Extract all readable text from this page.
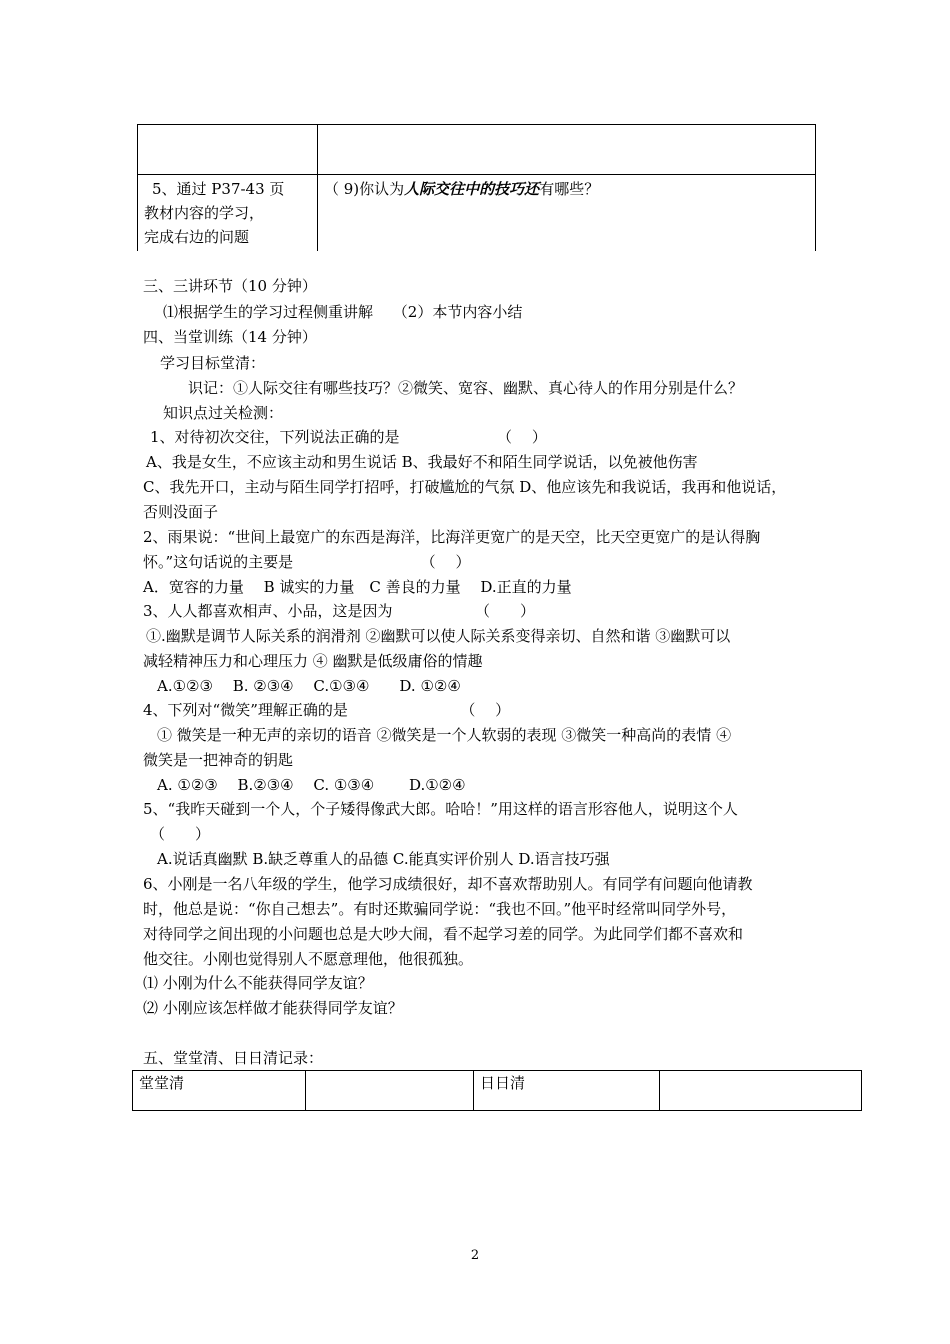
5、通过 P37-43 页
教材内容的学习，
完成右边的问题	（ 9)你认为人际交往中的技巧还有哪些？
三、三讲环节（10 分钟）
⑴根据学生的学习过程侧重讲解　 （2）本节内容小结
四、当堂训练（14 分钟）
学习目标堂清：
识记：①人际交往有哪些技巧？②微笑、宽容、幽默、真心待人的作用分别是什么？
知识点过关检测：
1、对待初次交往，下列说法正确的是　　　　　　　（　 ）
A、我是女生，不应该主动和男生说话 B、我最好不和陌生同学说话，以免被他伤害
C、我先开口，主动与陌生同学打招呼，打破尴尬的气氛 D、他应该先和我说话，我再和他说话，
否则没面子
2、雨果说：“世间上最宽广的东西是海洋，比海洋更宽广的是天空，比天空更宽广的是认得胸
怀。”这句话说的主要是　　　　　　　　　（　 ）
A．宽容的力量　 B 诚实的力量　C 善良的力量　 D.正直的力量
3、人人都喜欢相声、小品，这是因为　　　　　　（　　）
①.幽默是调节人际关系的润滑剂 ②幽默可以使人际关系变得亲切、自然和谐 ③幽默可以
减轻精神压力和心理压力 ④ 幽默是低级庸俗的情趣
A.①②③　 B. ②③④　 C.①③④　　D. ①②④
4、下列对“微笑”理解正确的是　　　　　　　　（　 ）
① 微笑是一种无声的亲切的语音 ②微笑是一个人软弱的表现 ③微笑一种高尚的表情 ④
微笑是一把神奇的钥匙
A. ①②③　 B.②③④　 C. ①③④　　 D.①②④
5、“我昨天碰到一个人，个子矮得像武大郎。哈哈！”用这样的语言形容他人，说明这个人
（　　）
A.说话真幽默 B.缺乏尊重人的品德 C.能真实评价别人 D.语言技巧强
6、小刚是一名八年级的学生，他学习成绩很好，却不喜欢帮助别人。有同学有问题向他请教
时，他总是说：“你自己想去”。有时还欺骗同学说：“我也不回。”他平时经常叫同学外号，
对待同学之间出现的小问题也总是大吵大闹，看不起学习差的同学。为此同学们都不喜欢和
他交往。小刚也觉得别人不愿意理他，他很孤独。
⑴ 小刚为什么不能获得同学友谊？
⑵ 小刚应该怎样做才能获得同学友谊？
五、堂堂清、日日清记录：
堂堂清		日日清	
2
